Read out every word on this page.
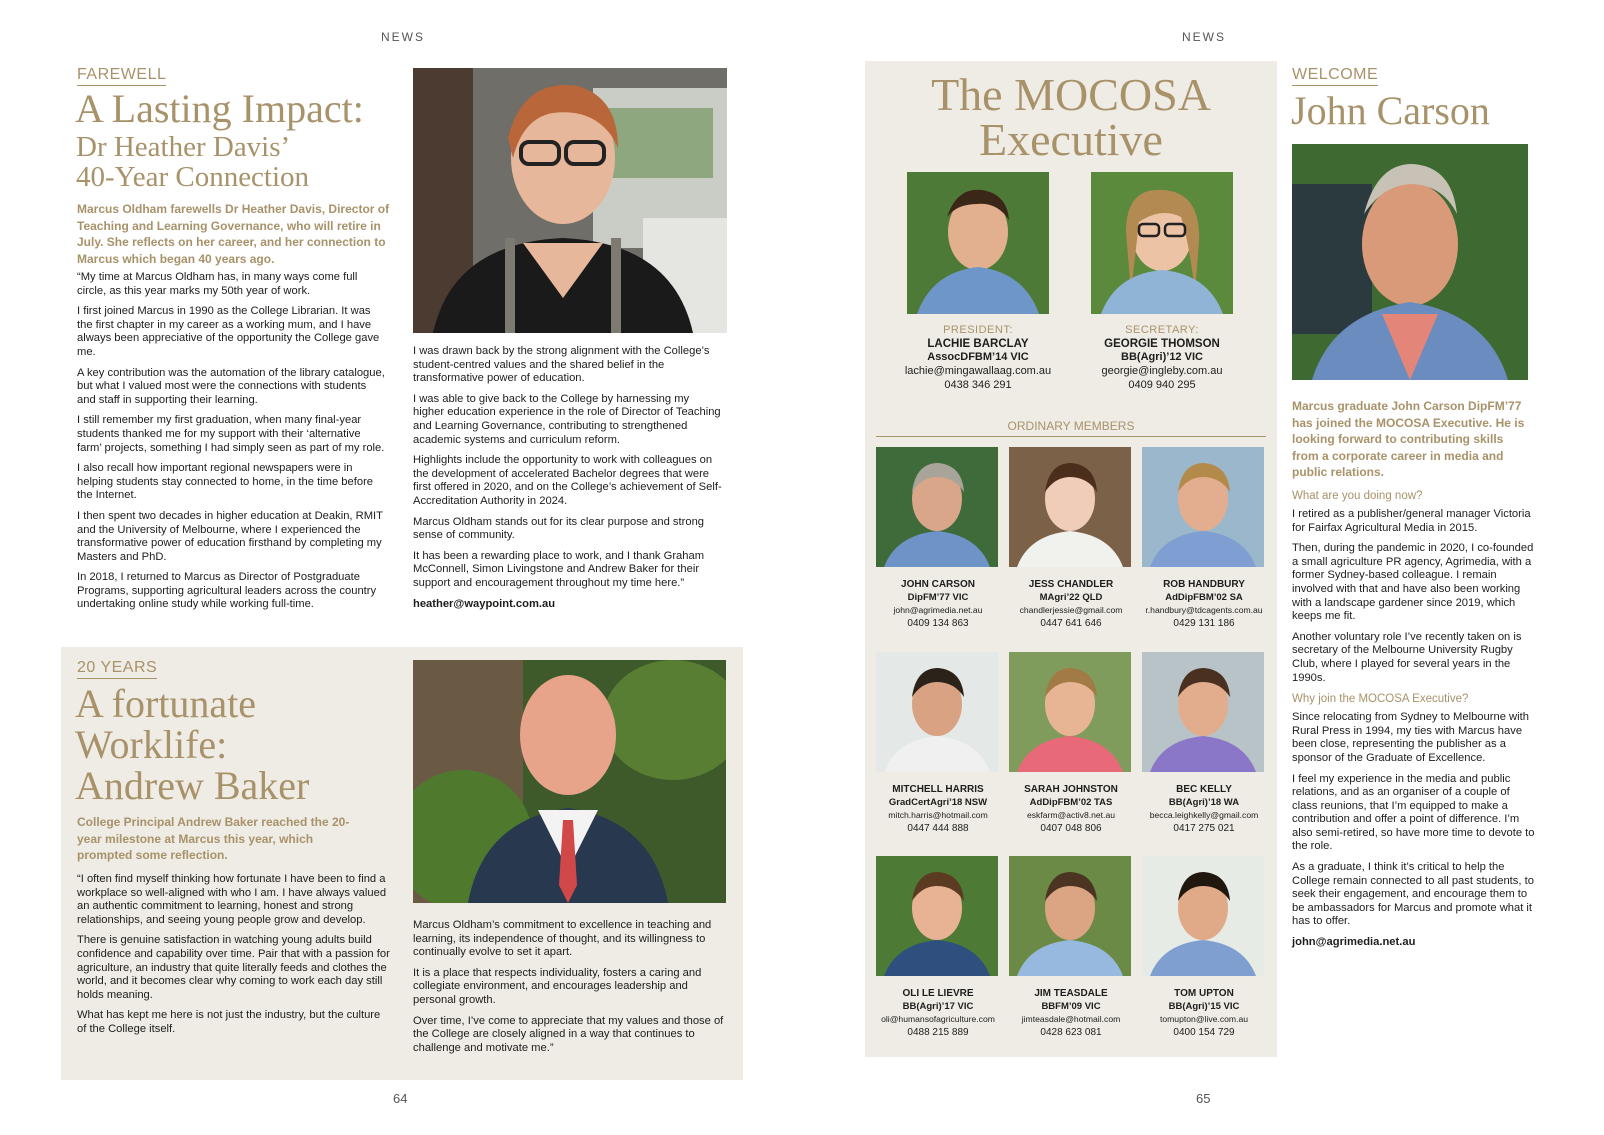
NEWS
FAREWELL
A Lasting Impact:
Dr Heather Davis’
40-Year Connection
Marcus Oldham farewells Dr Heather Davis, Director of Teaching and Learning Governance, who will retire in July. She reflects on her career, and her connection to Marcus which began 40 years ago.

“My time at Marcus Oldham has, in many ways come full circle, as this year marks my 50th year of work.

I first joined Marcus in 1990 as the College Librarian. It was the first chapter in my career as a working mum, and I have always been appreciative of the opportunity the College gave me.

A key contribution was the automation of the library catalogue, but what I valued most were the connections with students and staff in supporting their learning.

I still remember my first graduation, when many final-year students thanked me for my support with their ‘alternative farm’ projects, something I had simply seen as part of my role.

I also recall how important regional newspapers were in helping students stay connected to home, in the time before the Internet.

I then spent two decades in higher education at Deakin, RMIT and the University of Melbourne, where I experienced the transformative power of education firsthand by completing my Masters and PhD.

In 2018, I returned to Marcus as Director of Postgraduate Programs, supporting agricultural leaders across the country undertaking online study while working full-time.

I was drawn back by the strong alignment with the College’s student-centred values and the shared belief in the transformative power of education.

I was able to give back to the College by harnessing my higher education experience in the role of Director of Teaching and Learning Governance, contributing to strengthened academic systems and curriculum reform.

Highlights include the opportunity to work with colleagues on the development of accelerated Bachelor degrees that were first offered in 2020, and on the College’s achievement of Self-Accreditation Authority in 2024.

Marcus Oldham stands out for its clear purpose and strong sense of community.

It has been a rewarding place to work, and I thank Graham McConnell, Simon Livingstone and Andrew Baker for their support and encouragement throughout my time here.”

heather@waypoint.com.au
20 YEARS
A fortunate
Worklife:
Andrew Baker
College Principal Andrew Baker reached the 20-year milestone at Marcus this year, which prompted some reflection.

“I often find myself thinking how fortunate I have been to find a workplace so well-aligned with who I am. I have always valued an authentic commitment to learning, honest and strong relationships, and seeing young people grow and develop.

There is genuine satisfaction in watching young adults build confidence and capability over time. Pair that with a passion for agriculture, an industry that quite literally feeds and clothes the world, and it becomes clear why coming to work each day still holds meaning.

What has kept me here is not just the industry, but the culture of the College itself.

Marcus Oldham’s commitment to excellence in teaching and learning, its independence of thought, and its willingness to continually evolve to set it apart.

It is a place that respects individuality, fosters a caring and collegiate environment, and encourages leadership and personal growth.

Over time, I’ve come to appreciate that my values and those of the College are closely aligned in a way that continues to challenge and motivate me.”

64
NEWS
The MOCOSA
Executive
PRESIDENT:
LACHIE BARCLAY
AssocDFBM’14 VIC
lachie@mingawallaag.com.au
0438 346 291
SECRETARY:
GEORGIE THOMSON
BB(Agri)’12 VIC
georgie@ingleby.com.au
0409 940 295
ORDINARY MEMBERS
JOHN CARSON
DipFM’77 VIC
john@agrimedia.net.au
0409 134 863
JESS CHANDLER
MAgri’22 QLD
chandlerjessie@gmail.com
0447 641 646
ROB HANDBURY
AdDipFBM’02 SA
r.handbury@tdcagents.com.au
0429 131 186
MITCHELL HARRIS
GradCertAgri’18 NSW
mitch.harris@hotmail.com
0447 444 888
SARAH JOHNSTON
AdDipFBM’02 TAS
eskfarm@activ8.net.au
0407 048 806
BEC KELLY
BB(Agri)’18 WA
becca.leighkelly@gmail.com
0417 275 021
OLI LE LIEVRE
BB(Agri)’17 VIC
oli@humansofagriculture.com
0488 215 889
JIM TEASDALE
BBFM’09 VIC
jimteasdale@hotmail.com
0428 623 081
TOM UPTON
BB(Agri)’15 VIC
tomupton@live.com.au
0400 154 729
WELCOME
John Carson
Marcus graduate John Carson DipFM’77 has joined the MOCOSA Executive. He is looking forward to contributing skills from a corporate career in media and public relations.
What are you doing now?

I retired as a publisher/general manager Victoria for Fairfax Agricultural Media in 2015.

Then, during the pandemic in 2020, I co-founded a small agriculture PR agency, Agrimedia, with a former Sydney-based colleague. I remain involved with that and have also been working with a landscape gardener since 2019, which keeps me fit.

Another voluntary role I’ve recently taken on is secretary of the Melbourne University Rugby Club, where I played for several years in the 1990s.

Why join the MOCOSA Executive?

Since relocating from Sydney to Melbourne with Rural Press in 1994, my ties with Marcus have been close, representing the publisher as a sponsor of the Graduate of Excellence.

I feel my experience in the media and public relations, and as an organiser of a couple of class reunions, that I’m equipped to make a contribution and offer a point of difference. I’m also semi-retired, so have more time to devote to the role.

As a graduate, I think it’s critical to help the College remain connected to all past students, to seek their engagement, and encourage them to be ambassadors for Marcus and promote what it has to offer.

john@agrimedia.net.au
65
